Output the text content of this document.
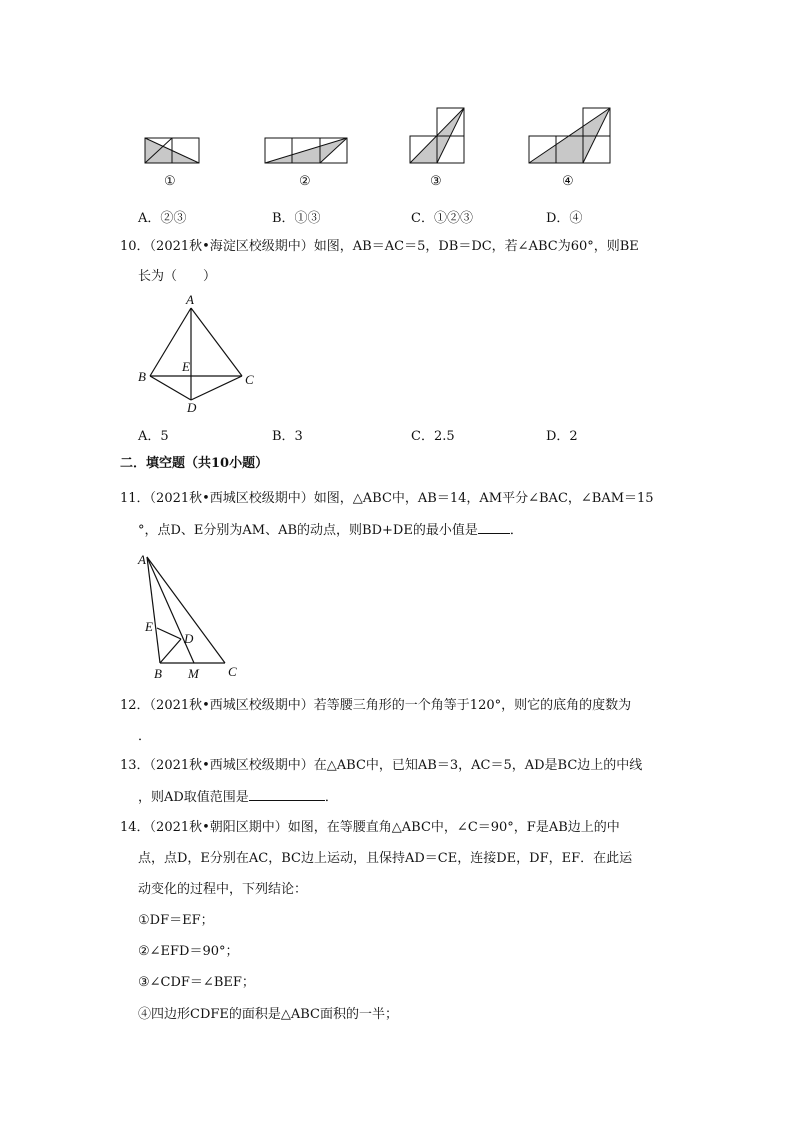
①	②	③	④
A．②③	B．①③	C．①②③	D．④
10．（2021秋•海淀区校级期中）如图，AB＝AC＝5，DB＝DC，若∠ABC为60°，则BE
长为（　　）
A
B
E
C
D
A．5	B．3	C．2.5	D．2
二．填空题（共10小题）
11．（2021秋•西城区校级期中）如图，△ABC中，AB＝14，AM平分∠BAC，∠BAM＝15
°，点D、E分别为AM、AB的动点，则BD+DE的最小值是 ．
A
E
D
B M C
12．（2021秋•西城区校级期中）若等腰三角形的一个角等于120°，则它的底角的度数为
．
13．（2021秋•西城区校级期中）在△ABC中，已知AB＝3，AC＝5，AD是BC边上的中线
，则AD取值范围是	．
14．（2021秋•朝阳区期中）如图，在等腰直角△ABC中，∠C＝90°，F是AB边上的中
点，点D，E分别在AC，BC边上运动，且保持AD＝CE，连接DE，DF，EF．在此运
动变化的过程中，下列结论：
①DF＝EF；
②∠EFD＝90°；
③∠CDF＝∠BEF；
④四边形CDFE的面积是△ABC面积的一半；
